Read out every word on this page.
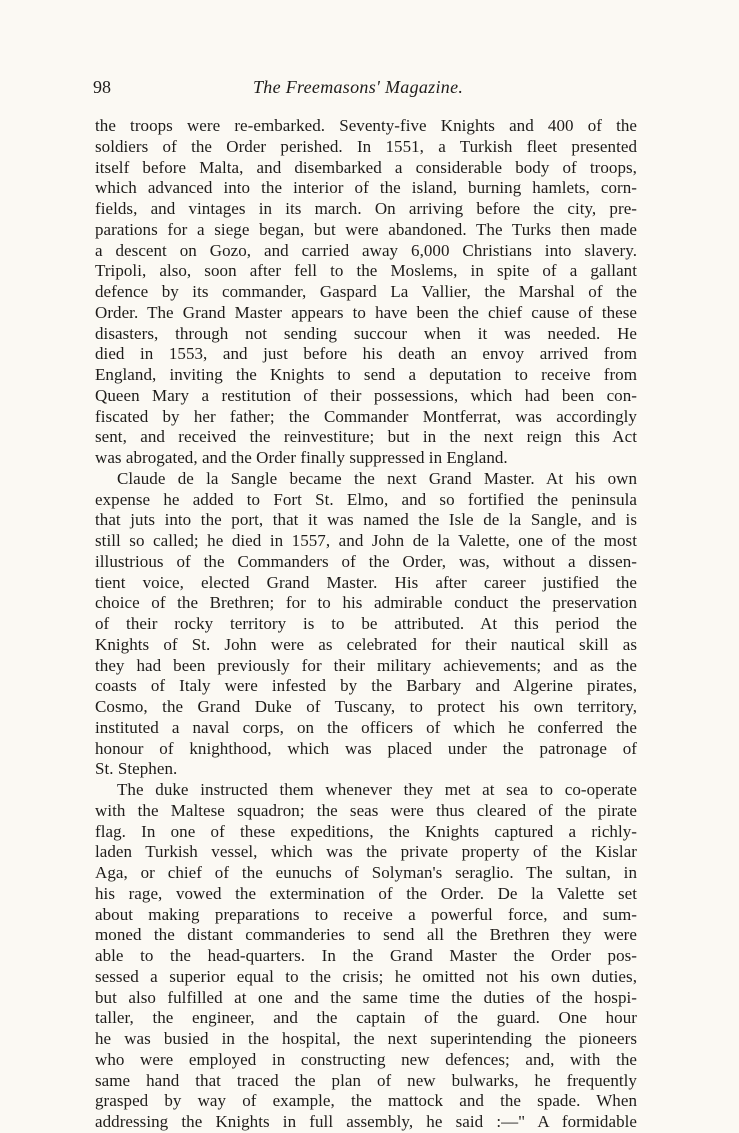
98	The Freemasons' Magazine.
the troops were re-embarked. Seventy-five Knights and 400 of the
soldiers of the Order perished. In 1551, a Turkish fleet presented
itself before Malta, and disembarked a considerable body of troops,
which advanced into the interior of the island, burning hamlets, corn-
fields, and vintages in its march. On arriving before the city, pre-
parations for a siege began, but were abandoned. The Turks then made
a descent on Gozo, and carried away 6,000 Christians into slavery.
Tripoli, also, soon after fell to the Moslems, in spite of a gallant
defence by its commander, Gaspard La Vallier, the Marshal of the
Order. The Grand Master appears to have been the chief cause of these
disasters, through not sending succour when it was needed. He
died in 1553, and just before his death an envoy arrived from
England, inviting the Knights to send a deputation to receive from
Queen Mary a restitution of their possessions, which had been con-
fiscated by her father; the Commander Montferrat, was accordingly
sent, and received the reinvestiture; but in the next reign this Act
was abrogated, and the Order finally suppressed in England.
Claude de la Sangle became the next Grand Master. At his own
expense he added to Fort St. Elmo, and so fortified the peninsula
that juts into the port, that it was named the Isle de la Sangle, and is
still so called; he died in 1557, and John de la Valette, one of the most
illustrious of the Commanders of the Order, was, without a dissen-
tient voice, elected Grand Master. His after career justified the
choice of the Brethren; for to his admirable conduct the preservation
of their rocky territory is to be attributed. At this period the
Knights of St. John were as celebrated for their nautical skill as
they had been previously for their military achievements; and as the
coasts of Italy were infested by the Barbary and Algerine pirates,
Cosmo, the Grand Duke of Tuscany, to protect his own territory,
instituted a naval corps, on the officers of which he conferred the
honour of knighthood, which was placed under the patronage of
St. Stephen.
The duke instructed them whenever they met at sea to co-operate
with the Maltese squadron; the seas were thus cleared of the pirate
flag. In one of these expeditions, the Knights captured a richly-
laden Turkish vessel, which was the private property of the Kislar
Aga, or chief of the eunuchs of Solyman's seraglio. The sultan, in
his rage, vowed the extermination of the Order. De la Valette set
about making preparations to receive a powerful force, and sum-
moned the distant commanderies to send all the Brethren they were
able to the head-quarters. In the Grand Master the Order pos-
sessed a superior equal to the crisis; he omitted not his own duties,
but also fulfilled at one and the same time the duties of the hospi-
taller, the engineer, and the captain of the guard. One hour
he was busied in the hospital, the next superintending the pioneers
who were employed in constructing new defences; and, with the
same hand that traced the plan of new bulwarks, he frequently
grasped by way of example, the mattock and the spade. When
addressing the Knights in full assembly, he said :—" A formidable
